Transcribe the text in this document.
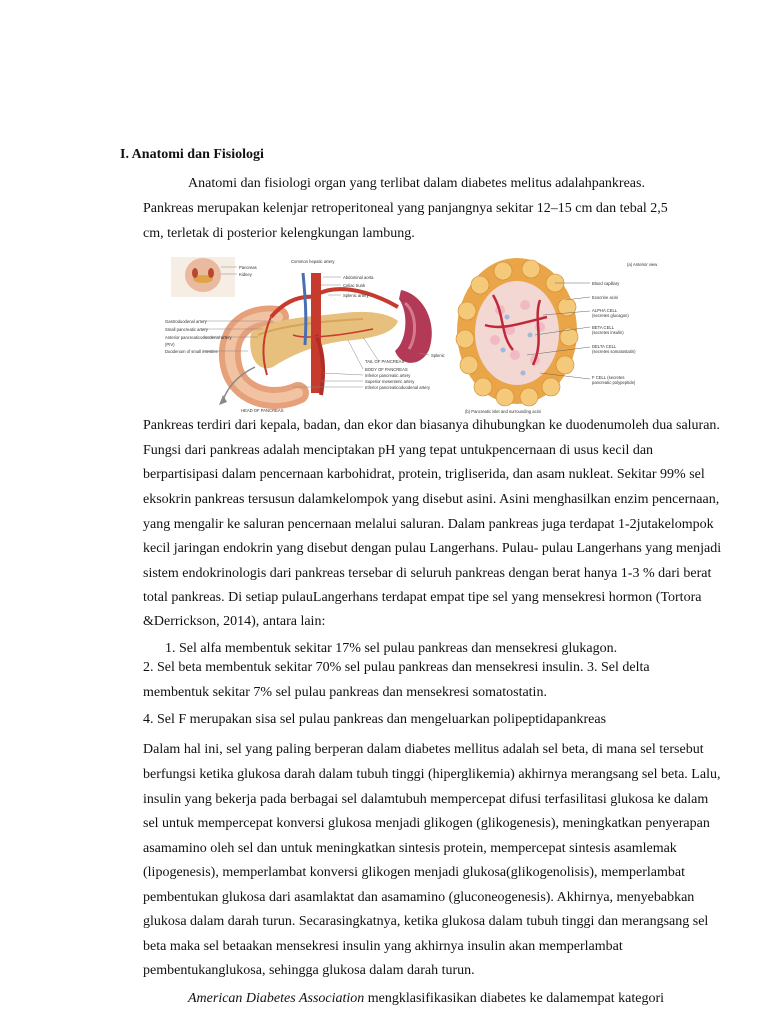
I. Anatomi dan Fisiologi
Anatomi dan fisiologi organ yang terlibat dalam diabetes melitus adalahpankreas.
Pankreas merupakan kelenjar retroperitoneal yang panjangnya sekitar 12–15 cm dan tebal 2,5
cm, terletak di posterior kelengkungan lambung.
Pancreas
Kidney
Common hepatic artery
Abdominal aorta
Celiac trunk
Splenic artery
Gastroduodenal artery
Small pancreatic artery
Anterior pancreaticoduodenal artery
(PIV)
Duodenum of small intestine
Splenic
TAIL OF PANCREAS
BODY OF PANCREAS
Inferior pancreatic artery
Superior mesenteric artery
Inferior pancreaticoduodenal artery
HEAD OF PANCREAS
(a) Anterior view
Blood capillary
Exocrine acini
ALPHA CELL
(secretes glucagon)
BETA CELL
(secretes insulin)
DELTA CELL
(secretes somatostatin)
F CELL (secretes
pancreatic polypeptide)
(b) Pancreatic islet and surrounding acini
Pankreas terdiri dari kepala, badan, dan ekor dan biasanya dihubungkan ke duodenumoleh dua saluran.
Fungsi dari pankreas adalah menciptakan pH yang tepat untukpencernaan di usus kecil dan
berpartisipasi dalam pencernaan karbohidrat, protein, trigliserida, dan asam nukleat. Sekitar 99% sel
eksokrin pankreas tersusun dalamkelompok yang disebut asini. Asini menghasilkan enzim pencernaan,
yang mengalir ke saluran pencernaan melalui saluran. Dalam pankreas juga terdapat 1-2jutakelompok
kecil jaringan endokrin yang disebut dengan pulau Langerhans. Pulau- pulau Langerhans yang menjadi
sistem endokrinologis dari pankreas tersebar di seluruh pankreas dengan berat hanya 1-3 % dari berat
total pankreas. Di setiap pulauLangerhans terdapat empat tipe sel yang mensekresi hormon (Tortora
&Derrickson, 2014), antara lain:
1. Sel alfa membentuk sekitar 17% sel pulau pankreas dan mensekresi glukagon.
2. Sel beta membentuk sekitar 70% sel pulau pankreas dan mensekresi insulin. 3. Sel delta
membentuk sekitar 7% sel pulau pankreas dan mensekresi somatostatin.
4. Sel F merupakan sisa sel pulau pankreas dan mengeluarkan polipeptidapankreas
Dalam hal ini, sel yang paling berperan dalam diabetes mellitus adalah sel beta, di mana sel tersebut
berfungsi ketika glukosa darah dalam tubuh tinggi (hiperglikemia) akhirnya merangsang sel beta. Lalu,
insulin yang bekerja pada berbagai sel dalamtubuh mempercepat difusi terfasilitasi glukosa ke dalam
sel untuk mempercepat konversi glukosa menjadi glikogen (glikogenesis), meningkatkan penyerapan
asamamino oleh sel dan untuk meningkatkan sintesis protein, mempercepat sintesis asamlemak
(lipogenesis), memperlambat konversi glikogen menjadi glukosa(glikogenolisis), memperlambat
pembentukan glukosa dari asamlaktat dan asamamino (gluconeogenesis). Akhirnya, menyebabkan
glukosa dalam darah turun. Secarasingkatnya, ketika glukosa dalam tubuh tinggi dan merangsang sel
beta maka sel betaakan mensekresi insulin yang akhirnya insulin akan memperlambat
pembentukanglukosa, sehingga glukosa dalam darah turun.
American Diabetes Association mengklasifikasikan diabetes ke dalamempat kategori
